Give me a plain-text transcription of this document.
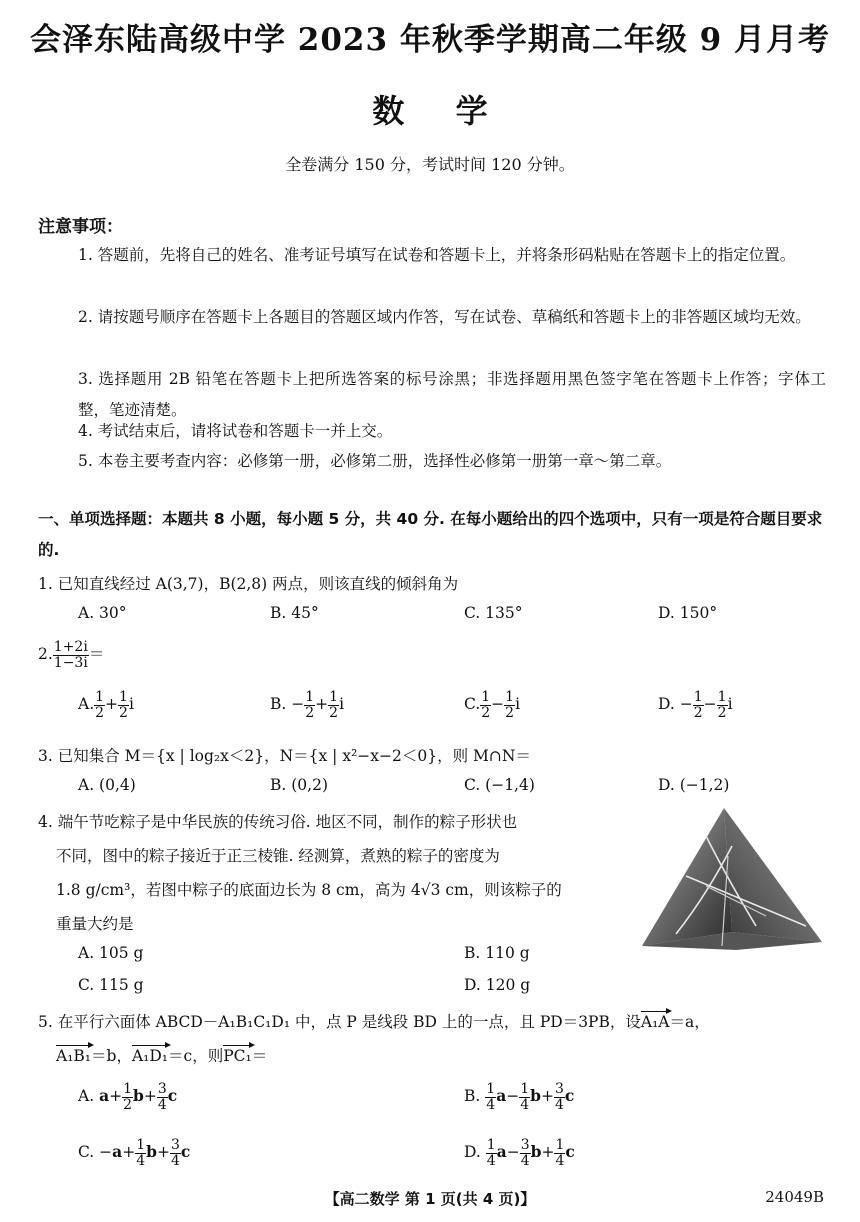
会泽东陆高级中学 2023 年秋季学期高二年级 9 月月考
数 学
全卷满分 150 分，考试时间 120 分钟。
注意事项：
1. 答题前，先将自己的姓名、准考证号填写在试卷和答题卡上，并将条形码粘贴在答题卡上的指定位置。
2. 请按题号顺序在答题卡上各题目的答题区域内作答，写在试卷、草稿纸和答题卡上的非答题区域均无效。
3. 选择题用 2B 铅笔在答题卡上把所选答案的标号涂黑；非选择题用黑色签字笔在答题卡上作答；字体工整，笔迹清楚。
4. 考试结束后，请将试卷和答题卡一并上交。
5. 本卷主要考查内容：必修第一册，必修第二册，选择性必修第一册第一章～第二章。
一、单项选择题：本题共 8 小题，每小题 5 分，共 40 分. 在每小题给出的四个选项中，只有一项是符合题目要求的.
1. 已知直线经过 A(3,7)，B(2,8) 两点，则该直线的倾斜角为
A. 30°	B. 45°	C. 135°	D. 150°
2. $\frac{1+2i}{1-3i}$ ＝
A. $\frac{1}{2} + \frac{1}{2}$ i	B. − $\frac{1}{2} + \frac{1}{2}$ i	C. $\frac{1}{2} - \frac{1}{2}$ i	D. − $\frac{1}{2} - \frac{1}{2}$ i
3. 已知集合 M＝{x | log₂x＜2}，N＝{x | x²−x−2＜0}，则 M∩N＝
A. (0,4)	B. (0,2)	C. (−1,4)	D. (−1,2)
4. 端午节吃粽子是中华民族的传统习俗. 地区不同，制作的粽子形状也
不同，图中的粽子接近于正三棱锥. 经测算，煮熟的粽子的密度为
1.8 g/cm³，若图中粽子的底面边长为 8 cm，高为 4√3 cm，则该粽子的
重量大约是
A. 105 g	B. 110 g
C. 115 g	D. 120 g
5. 在平行六面体 ABCD－A₁B₁C₁D₁ 中，点 P 是线段 BD 上的一点，且 PD＝3PB，设A₁A＝a，
A₁B₁＝b，A₁D₁＝c，则PC₁＝
A. $a+ \frac{1}{2} b+ \frac{3}{4}$ c	B. $\frac{1}{4} a- \frac{1}{4} b+ \frac{3}{4}$ c
C. $-a+ \frac{1}{4} b+ \frac{3}{4}$ c	D. $\frac{1}{4} a- \frac{3}{4} b+ \frac{1}{4}$ c
【高二数学 第 1 页(共 4 页)】	24049B
